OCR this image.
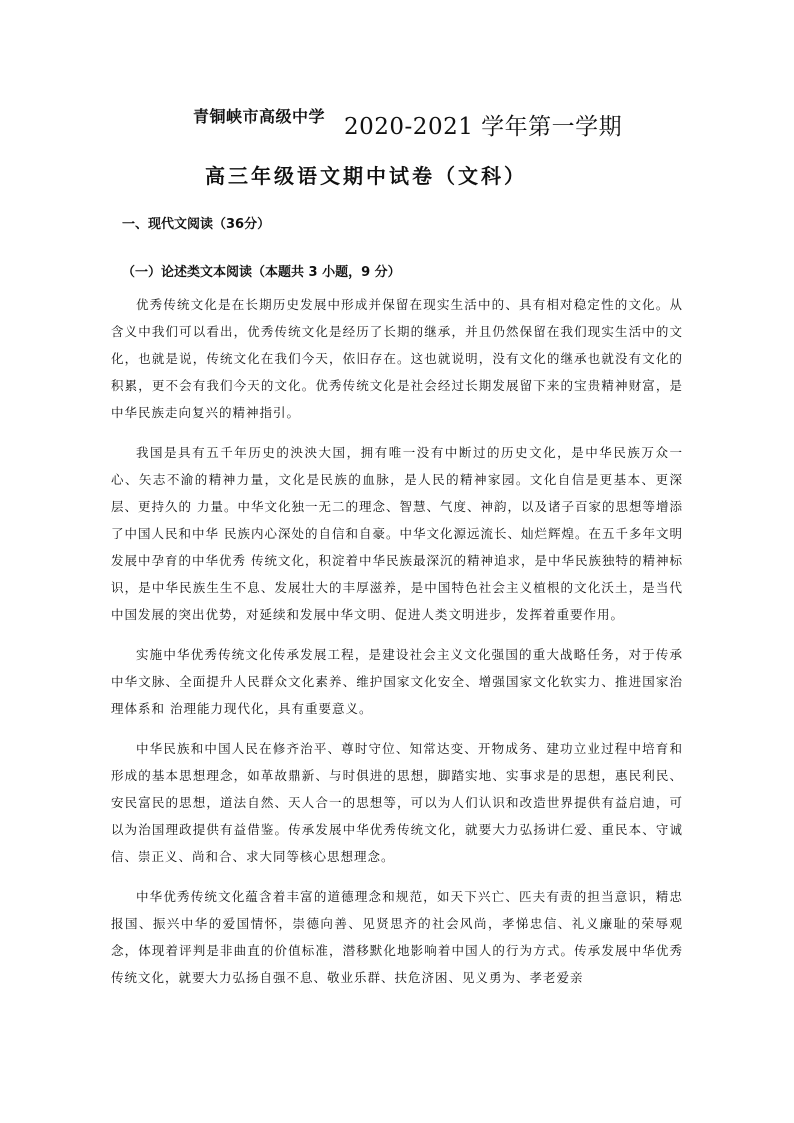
青铜峡市高级中学 2020-2021 学年第一学期
高三年级语文期中试卷（文科）
一、现代文阅读（36分）
（一）论述类文本阅读（本题共 3 小题，9 分）

优秀传统文化是在长期历史发展中形成并保留在现实生活中的、具有相对稳定性的文化。从含义中我们可以看出，优秀传统文化是经历了长期的继承，并且仍然保留在我们现实生活中的文化，也就是说，传统文化在我们今天，依旧存在。这也就说明，没有文化的继承也就没有文化的积累，更不会有我们今天的文化。优秀传统文化是社会经过长期发展留下来的宝贵精神财富，是中华民族走向复兴的精神指引。

我国是具有五千年历史的泱泱大国，拥有唯一没有中断过的历史文化，是中华民族万众一心、矢志不渝的精神力量，文化是民族的血脉，是人民的精神家园。文化自信是更基本、更深层、更持久的 力量。中华文化独一无二的理念、智慧、气度、神韵，以及诸子百家的思想等增添了中国人民和中华 民族内心深处的自信和自豪。中华文化源远流长、灿烂辉煌。在五千多年文明发展中孕育的中华优秀 传统文化，积淀着中华民族最深沉的精神追求，是中华民族独特的精神标识，是中华民族生生不息、发展壮大的丰厚滋养，是中国特色社会主义植根的文化沃土，是当代中国发展的突出优势，对延续和发展中华文明、促进人类文明进步，发挥着重要作用。

实施中华优秀传统文化传承发展工程，是建设社会主义文化强国的重大战略任务，对于传承中华文脉、全面提升人民群众文化素养、维护国家文化安全、增强国家文化软实力、推进国家治理体系和 治理能力现代化，具有重要意义。

中华民族和中国人民在修齐治平、尊时守位、知常达变、开物成务、建功立业过程中培育和形成的基本思想理念，如革故鼎新、与时俱进的思想，脚踏实地、实事求是的思想，惠民利民、安民富民的思想，道法自然、天人合一的思想等，可以为人们认识和改造世界提供有益启迪，可以为治国理政提供有益借鉴。传承发展中华优秀传统文化，就要大力弘扬讲仁爱、重民本、守诚信、崇正义、尚和合、求大同等核心思想理念。

中华优秀传统文化蕴含着丰富的道德理念和规范，如天下兴亡、匹夫有责的担当意识，精忠报国、振兴中华的爱国情怀，崇德向善、见贤思齐的社会风尚，孝悌忠信、礼义廉耻的荣辱观念，体现着评判是非曲直的价值标准，潜移默化地影响着中国人的行为方式。传承发展中华优秀传统文化，就要大力弘扬自强不息、敬业乐群、扶危济困、见义勇为、孝老爱亲
